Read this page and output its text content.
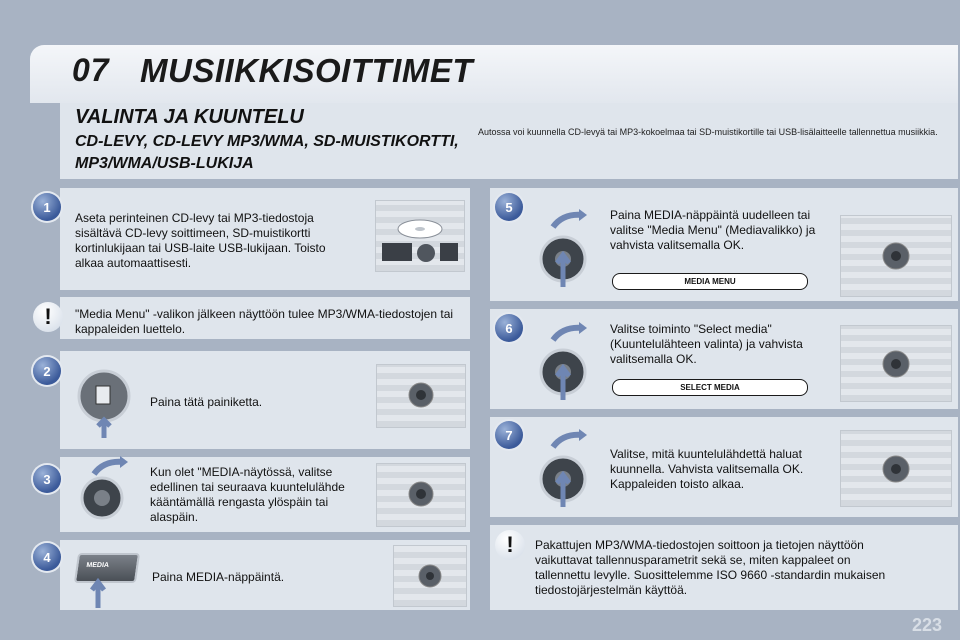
07 MUSIIKKISOITTIMET
VALINTA JA KUUNTELU
CD-LEVY, CD-LEVY MP3/WMA, SD-MUISTIKORTTI, MP3/WMA/USB-LUKIJA
Autossa voi kuunnella CD-levyä tai MP3-kokoelmaa tai SD-muistikortille tai USB-lisälaitteelle tallennettua musiikkia.
1
Aseta perinteinen CD-levy tai MP3-tiedostoja sisältävä CD-levy soittimeen, SD-muistikortti kortinlukijaan tai USB-laite USB-lukijaan. Toisto alkaa automaattisesti.
!	"Media Menu" -valikon jälkeen näyttöön tulee MP3/WMA-tiedostojen tai kappaleiden luettelo.
2
Paina tätä painiketta.
3	Kun olet "MEDIA-näytössä, valitse edellinen tai seuraava kuuntelulähde kääntämällä rengasta ylöspäin tai alaspäin.
4
MEDIA
Paina MEDIA-näppäintä.
5
Paina MEDIA-näppäintä uudelleen tai valitse "Media Menu" (Mediavalikko) ja vahvista valitsemalla OK.
MEDIA MENU
6	Valitse toiminto "Select media" (Kuuntelulähteen valinta) ja vahvista valitsemalla OK.
SELECT MEDIA
7
Valitse, mitä kuuntelulähdettä haluat kuunnella. Vahvista valitsemalla OK. Kappaleiden toisto alkaa.
!	Pakattujen MP3/WMA-tiedostojen soittoon ja tietojen näyttöön vaikuttavat tallennusparametrit sekä se, miten kappaleet on tallennettu levylle. Suosittelemme ISO 9660 -standardin mukaisen tiedostojärjestelmän käyttöä.
223
